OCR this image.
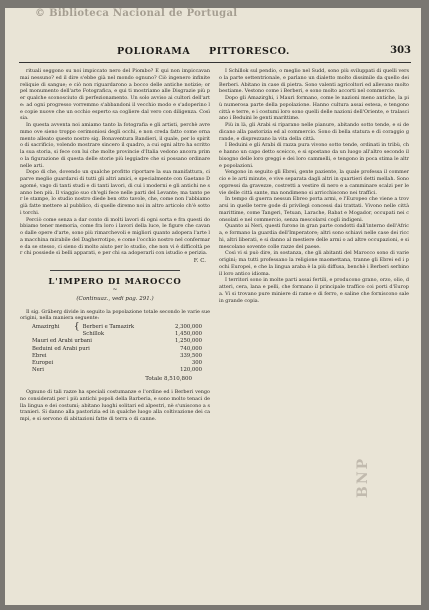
© Biblioteca Nacional de Portugal
POLIORAMA PITTORESCO.	303

rituali seggono su noi impiccato nero del Piombo? E qui non impiccavan mai nessuno? ed il dire s'ebbe già nel mondo ognuno? Ciò ingenero infinite reliquie di sangue; e ciò non riguardarono a bocco delle antiche notizie; or pel monumento dell'arte Fotografica, e qui ti mostriamo alle Disgrazie più per qualche sconosciuto di perfezionamento. Un solo avviso ai cultori dell'arte: ad ogni progresso vorremmo s'abbandoni il vecchio modo e s'adoperino le copie nuove che un occhio esperto sa cogliere dal vero con diligenza. Così sia.

In questa avventa noi amiamo tanto la fotografia e gli artisti, perchè avremmo ove sieno troppo cerimoniosi degli occhi, e non creda fatto come ornamento alleato questo nostro sig. Bonaventura Bandieri, il quale, per lo spirito di sacrificio, volendo mostrare sincero il quadro, a cui ogni altro ha scritto la sua storia, si fece con lui che molte provincie d'Italia vedono ancora primo la figurazione di questa delle storie più leggiadre che si possano ordinare nelle arti.

Dopo di che, dovendo un qualche profitto riportare la sua manifattura, ci parve meglio guardarsi di tutti gli altri amici, e specialmente con Gaetano Dagomé, vago di tanti studi e di tanti lavori, di cui i moderni e gli antichi ne sanno ben più. Il viaggio suo ch'egli fece nelle parti del Levante; ma tanto per le stampe, lo studio nostro diede ben otto tavole, che, come non l'abbiamo già fatte mettere al pubblico, di quelle diremo noi in altro articolo ch'è sotto i torchi.

Perciò come senza a dar conto di molti lavori di ogni sorta e fra questi dobbiamo tener memoria, come fra loro i lavori della luce, le figure che cavano dalle opere d'arte, sono più rimarchevoli e migliori quanto adopera l'arte la macchina mirabile del Dagherrotipo, e come l'occhio nostro nel confermare da se stesso, ci sieno di molto aiuto per lo studio, che non vi è difficoltà per chi possiede sì belli apparati, e per chi sa adoperarli con istudio e perizia.

F. C.
L'IMPERO DI MAROCCO
~
(Continuaz., vedi pag. 291.)

Il sig. Gräberg divide in seguito la popolazione totale secondo le varie sue origini, nella maniera seguente:

Amazirghi	{	Berberi e Tamazirk	2,300,000
		Schillok	1,450,000
Mauri ed Arabi urbani			1,250,000
Beduini ed Arabi puri			740,000
Ebrei			339,500
Europei			300
Neri			120,000
Totale 8,510,800

Ognuno di tali razze ha speciali costumanze e l'ordine ed i Berberi vengono considerati per i più antichi popoli della Barberia, e sono molto tenaci della lingua e dei costumi; abitano luoghi solitari ed alpestri, nè s'uniscono a stranieri. Si danno alla pastorizia ed in qualche luogo alla coltivazione dei campi, e si servono di abitazioni fatte di terra o di canne.

I Schillok sul pendio, o meglio nel Sudd, sono più sviluppati di quelli verso la parte settentrionale, e parlano un dialetto molto dissimile da quello dei Berberi. Abitano in case di pietra. Sono valenti agricoltori ed allevano molto bestiame. Vestono come i Berberi, e sono molto accorti nel commercio.

Dopo gli Amazirghi, i Mauri formano, come le nazioni meno antiche, la più numerosa parte della popolazione. Hanno cultura assai estesa, e tengono città e terre, e i costumi loro sono quelli delle nazioni dell'Oriente, e tralasciano i Beduini le genti marittime.

Più in là, gli Arabi si riparano nelle pianure, abitando sotto tende, e si dedicano alla pastorizia ed al commercio. Sono di bella statura e di coraggio grande, e disprezzano la vita della città.

I Beduini e gli Arabi di razza pura vivono sotto tende, ordinati in tribù, che hanno un capo detto sceicco, e si spostano da un luogo all'altro secondo il bisogno delle loro greggi e dei loro cammelli, e tengono in poca stima le altre popolazioni.

Vengono in seguito gli Ebrei, gente paziente, la quale professa il commercio e le arti minute, e vive separata dagli altri in quartieri detti mellah. Sono oppressi da gravezze, costretti a vestire di nero e a camminare scalzi per le vie delle città sante, ma nondimeno si arricchiscono nei traffici.

In tempo di guerra nessun Ebreo porta armi, e l'Europeo che viene a trovarsi in quelle terre gode di privilegi concessi dai trattati. Vivono nelle città marittime, come Tangeri, Tetuan, Larache, Rabat e Mogador, occupati nei consolati e nel commercio, senza mescolarsi cogli indigeni.

Quanto ai Neri, questi furono in gran parte condotti dall'interno dell'Africa, e formano la guardia dell'Imperatore; altri sono schiavi nelle case dei ricchi, altri liberati, e si danno al mestiere delle armi o ad altre occupazioni, e si mescolano sovente colle razze del paese.

Così vi si può dire, in sostanza, che gli abitanti del Marocco sono di varie origini; ma tutti professano la religione maomettana, tranne gli Ebrei ed i pochi Europei, e che la lingua araba è la più diffusa, benchè i Berberi serbino il loro antico idioma.

I territori sono in molte parti assai fertili, e producono grano, orzo, olio, datteri, cera, lana e pelli, che formano il principale traffico coi porti d'Europa. Vi si trovano pure miniere di rame e di ferro, e saline che forniscono sale in grande copia.

BNP
